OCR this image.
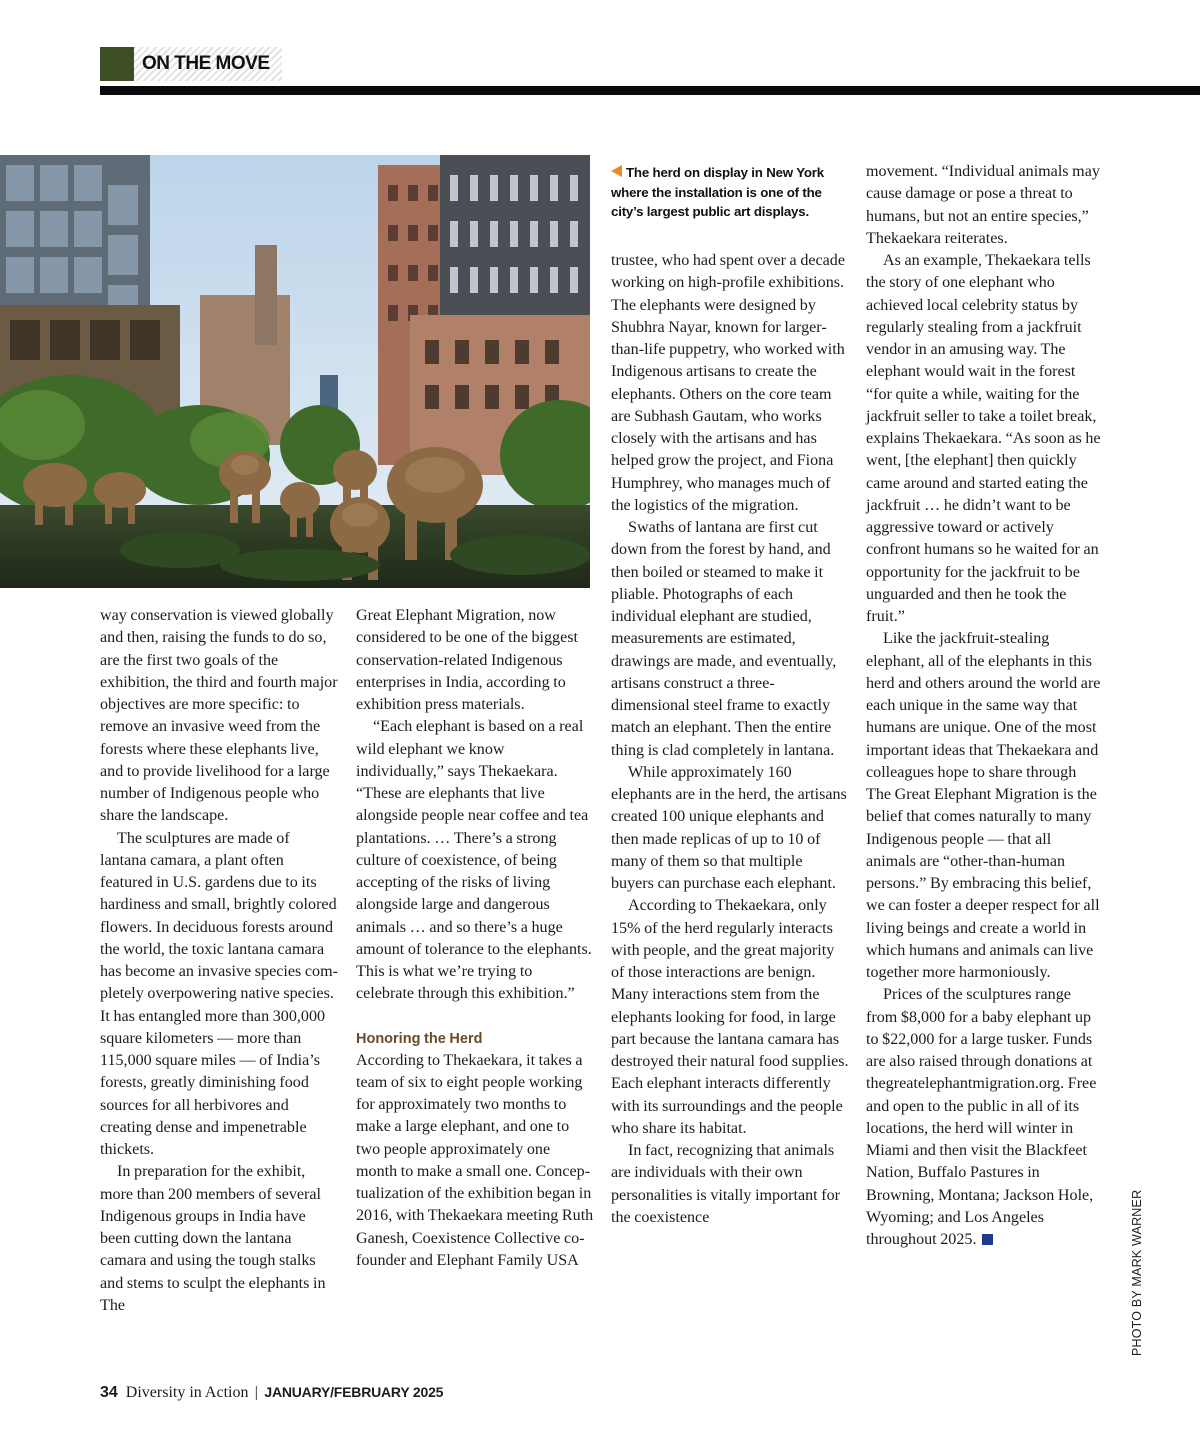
ON THE MOVE
The herd on display in New York where the installation is one of the city’s largest public art displays.

way conservation is viewed globally and then, raising the funds to do so, are the first two goals of the exhibition, the third and fourth major objectives are more specific: to remove an invasive weed from the forests where these elephants live, and to provide livelihood for a large number of Indigenous people who share the landscape.

The sculptures are made of lantana camara, a plant often featured in U.S. gardens due to its hardiness and small, brightly colored flowers. In deciduous forests around the world, the toxic lantana camara has become an invasive species completely overpowering native species. It has entangled more than 300,000 square kilometers — more than 115,000 square miles — of India’s forests, greatly diminishing food sources for all herbivores and creating dense and impenetrable thickets.

In preparation for the exhibit, more than 200 members of several Indigenous groups in India have been cutting down the lantana camara and using the tough stalks and stems to sculpt the elephants in The

Great Elephant Migration, now considered to be one of the biggest conservation-related Indigenous enterprises in India, according to exhibition press materials.

“Each elephant is based on a real wild elephant we know individually,” says Thekaekara. “These are elephants that live alongside people near coffee and tea plantations. … There’s a strong culture of coexistence, of being accepting of the risks of living alongside large and dangerous animals … and so there’s a huge amount of tolerance to the elephants. This is what we’re trying to celebrate through this exhibition.”

Honoring the Herd

According to Thekaekara, it takes a team of six to eight people working for approximately two months to make a large elephant, and one to two people approximately one month to make a small one. Conceptualization of the exhibition began in 2016, with Thekaekara meeting Ruth Ganesh, Coexistence Collective co-founder and Elephant Family USA

trustee, who had spent over a decade working on high-profile exhibitions. The elephants were designed by Shubhra Nayar, known for larger-than-life puppetry, who worked with Indigenous artisans to create the elephants. Others on the core team are Subhash Gautam, who works closely with the artisans and has helped grow the project, and Fiona Humphrey, who manages much of the logistics of the migration.

Swaths of lantana are first cut down from the forest by hand, and then boiled or steamed to make it pliable. Photographs of each individual elephant are studied, measurements are estimated, drawings are made, and eventually, artisans construct a three-dimensional steel frame to exactly match an elephant. Then the entire thing is clad completely in lantana.

While approximately 160 elephants are in the herd, the artisans created 100 unique elephants and then made replicas of up to 10 of many of them so that multiple buyers can purchase each elephant.

According to Thekaekara, only 15% of the herd regularly interacts with people, and the great majority of those interactions are benign. Many interactions stem from the elephants looking for food, in large part because the lantana camara has destroyed their natural food supplies. Each elephant interacts differently with its surroundings and the people who share its habitat.

In fact, recognizing that animals are individuals with their own personalities is vitally important for the coexistence

movement. “Individual animals may cause damage or pose a threat to humans, but not an entire species,” Thekaekara reiterates.

As an example, Thekaekara tells the story of one elephant who achieved local celebrity status by regularly stealing from a jackfruit vendor in an amusing way. The elephant would wait in the forest “for quite a while, waiting for the jackfruit seller to take a toilet break, explains Thekaekara. “As soon as he went, [the elephant] then quickly came around and started eating the jackfruit … he didn’t want to be aggressive toward or actively confront humans so he waited for an opportunity for the jackfruit to be unguarded and then he took the fruit.”

Like the jackfruit-stealing elephant, all of the elephants in this herd and others around the world are each unique in the same way that humans are unique. One of the most important ideas that Thekaekara and colleagues hope to share through The Great Elephant Migration is the belief that comes naturally to many Indigenous people — that all animals are “other-than-human persons.” By embracing this belief, we can foster a deeper respect for all living beings and create a world in which humans and animals can live together more harmoniously.

Prices of the sculptures range from $8,000 for a baby elephant up to $22,000 for a large tusker. Funds are also raised through donations at thegreatelephantmigration.org. Free and open to the public in all of its locations, the herd will winter in Miami and then visit the Blackfeet Nation, Buffalo Pastures in Browning, Montana; Jackson Hole, Wyoming; and Los Angeles throughout 2025.	PHOTO BY MARK WARNER
34 Diversity in Action | JANUARY/FEBRUARY 2025
